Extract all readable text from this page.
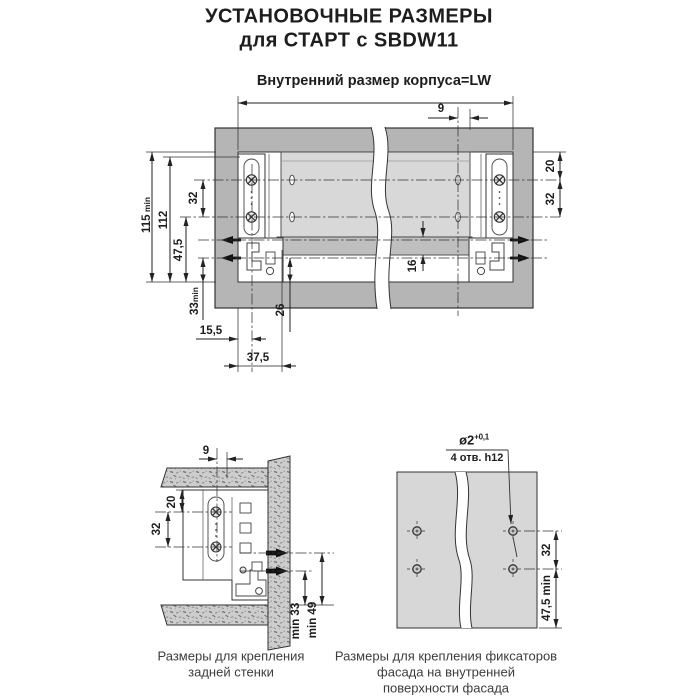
УСТАНОВОЧНЫЕ РАЗМЕРЫ
для СТАРТ с SBDW11
Внутренний размер корпуса=LW
9
20
32
115 min
112
32
47,5
33min
15,5
37,5
26
16
9
20
32
min 33 min 49
Размеры для крепления
задней стенки
$ø2^{+0,1}$
4 отв. h12
32
47,5 min
Размеры для крепления фиксаторов
фасада на внутренней
поверхности фасада
